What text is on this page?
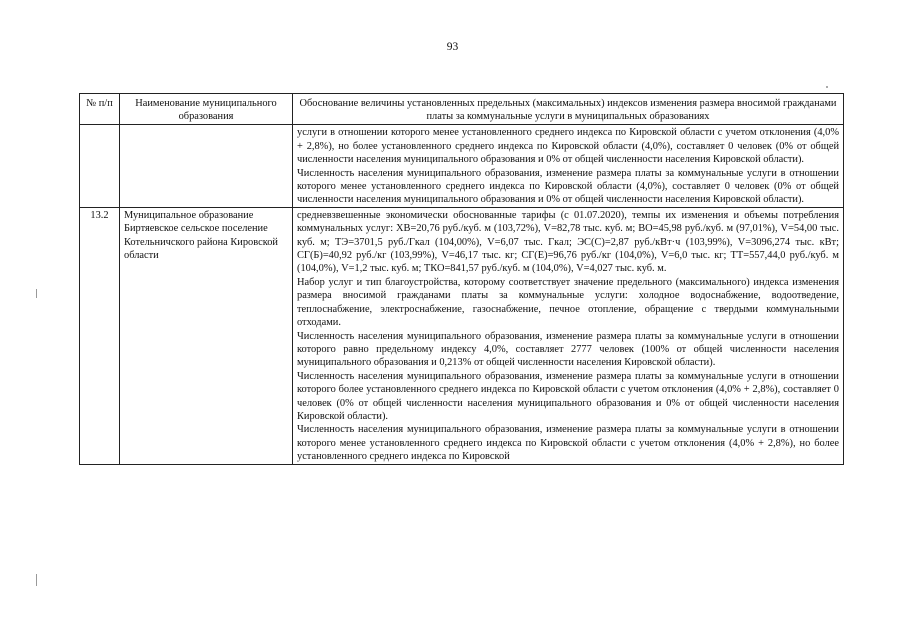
93
№ п/п	Наименование муниципального образования	Обоснование величины установленных предельных (максимальных) индексов изменения размера вносимой гражданами платы за коммунальные услуги в муниципальных образованиях

		услуги в отношении которого менее установленного среднего индекса по Кировской области с учетом отклонения (4,0% + 2,8%), но более установленного среднего индекса по Кировской области (4,0%), составляет 0 человек (0% от общей численности населения муниципального образования и 0% от общей численности населения Кировской области).

Численность населения муниципального образования, изменение размера платы за коммунальные услуги в отношении которого менее установленного среднего индекса по Кировской области (4,0%), составляет 0 человек (0% от общей численности населения муниципального образования и 0% от общей численности населения Кировской области).

13.2	Муниципальное образование Биртяевское сельское поселение Котельничского района Кировской области	средневзвешенные экономически обоснованные тарифы (с 01.07.2020), темпы их изменения и объемы потребления коммунальных услуг: ХВ=20,76 руб./куб. м (103,72%), V=82,78 тыс. куб. м; ВО=45,98 руб./куб. м (97,01%), V=54,00 тыс. куб. м; ТЭ=3701,5 руб./Гкал (104,00%), V=6,07 тыс. Гкал; ЭС(С)=2,87 руб./кВт·ч (103,99%), V=3096,274 тыс. кВт; СГ(Б)=40,92 руб./кг (103,99%), V=46,17 тыс. кг; СГ(Е)=96,76 руб./кг (104,0%), V=6,0 тыс. кг; ТТ=557,44,0 руб./куб. м (104,0%), V=1,2 тыс. куб. м; ТКО=841,57 руб./куб. м (104,0%), V=4,027 тыс. куб. м.

Набор услуг и тип благоустройства, которому соответствует значение предельного (максимального) индекса изменения размера вносимой гражданами платы за коммунальные услуги: холодное водоснабжение, водоотведение, теплоснабжение, электроснабжение, газоснабжение, печное отопление, обращение с твердыми коммунальными отходами.

Численность населения муниципального образования, изменение размера платы за коммунальные услуги в отношении которого равно предельному индексу 4,0%, составляет 2777 человек (100% от общей численности населения муниципального образования и 0,213% от общей численности населения Кировской области).

Численность населения муниципального образования, изменение размера платы за коммунальные услуги в отношении которого более установленного среднего индекса по Кировской области с учетом отклонения (4,0% + 2,8%), составляет 0 человек (0% от общей численности населения муниципального образования и 0% от общей численности населения Кировской области).

Численность населения муниципального образования, изменение размера платы за коммунальные услуги в отношении которого менее установленного среднего индекса по Кировской области с учетом отклонения (4,0% + 2,8%), но более установленного среднего индекса по Кировской
